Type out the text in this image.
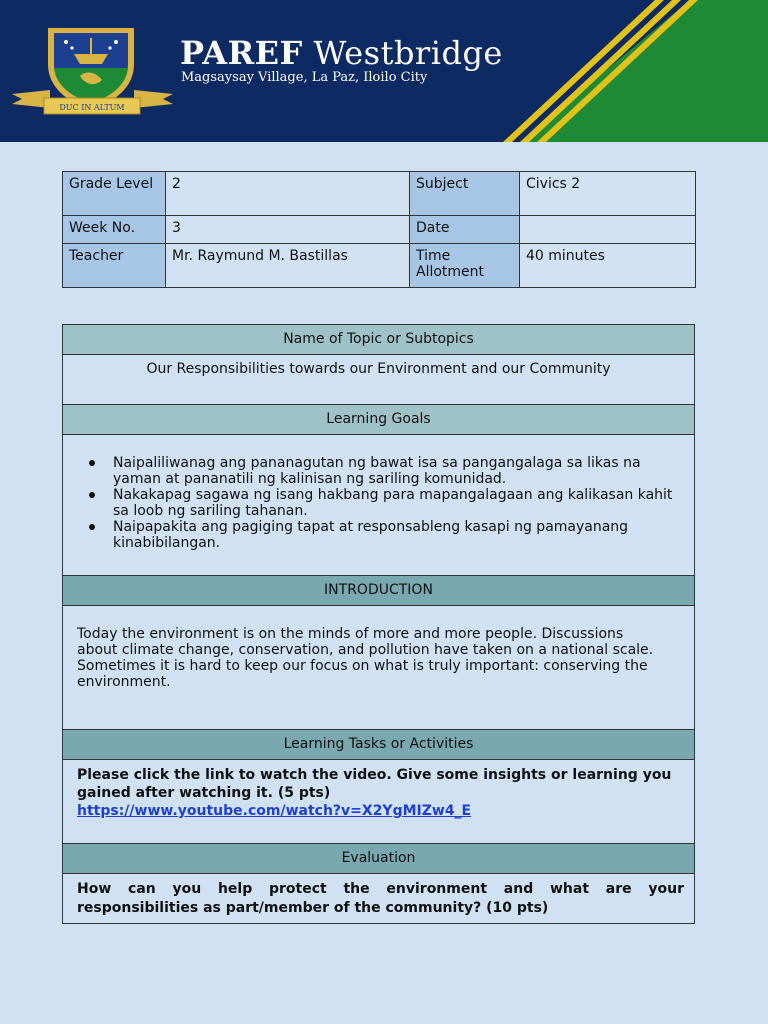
DUC IN ALTUM
PAREF Westbridge
Magsaysay Village, La Paz, Iloilo City
Grade Level	2	Subject	Civics 2
Week No.	3	Date	
Teacher	Mr. Raymund M. Bastillas	Time Allotment	40 minutes
Name of Topic or Subtopics
Our Responsibilities towards our Environment and our Community
Learning Goals
Naipaliliwanag ang pananagutan ng bawat isa sa pangangalaga sa likas na yaman at pananatili ng kalinisan ng sariling komunidad.
Nakakapag sagawa ng isang hakbang para mapangalagaan ang kalikasan kahit sa loob ng sariling tahanan.
Naipapakita ang pagiging tapat at responsableng kasapi ng pamayanang kinabibilangan.
INTRODUCTION
Today the environment is on the minds of more and more people. Discussions about climate change, conservation, and pollution have taken on a national scale. Sometimes it is hard to keep our focus on what is truly important: conserving the environment.
Learning Tasks or Activities
Please click the link to watch the video. Give some insights or learning you gained after watching it. (5 pts)
https://www.youtube.com/watch?v=X2YgMIZw4_E
Evaluation
How can you help protect the environment and what are your responsibilities as part/member of the community? (10 pts)
